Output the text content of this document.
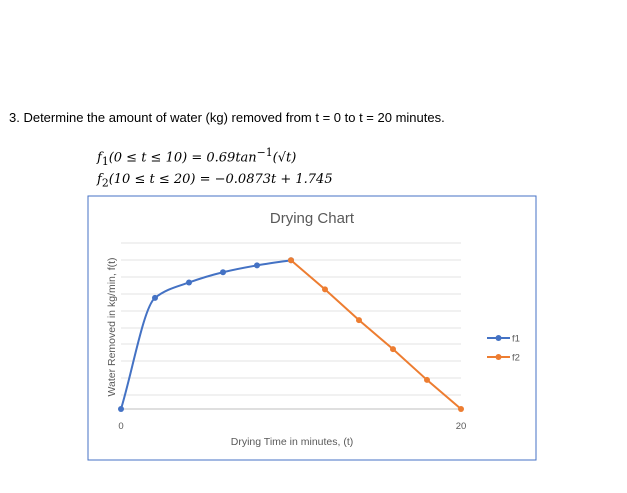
3. Determine the amount of water (kg) removed from t = 0 to t = 20 minutes.
$f_1(0 \le t \le 10) = 0.69\tan^{-1}(√t)$
$f_2(10 \le t \le 20) = -0.0873t + 1.745$
Drying Chart
Drying Time in minutes, (t)
Water Removed in kg/min, f(t)
0	20
f1
f2
